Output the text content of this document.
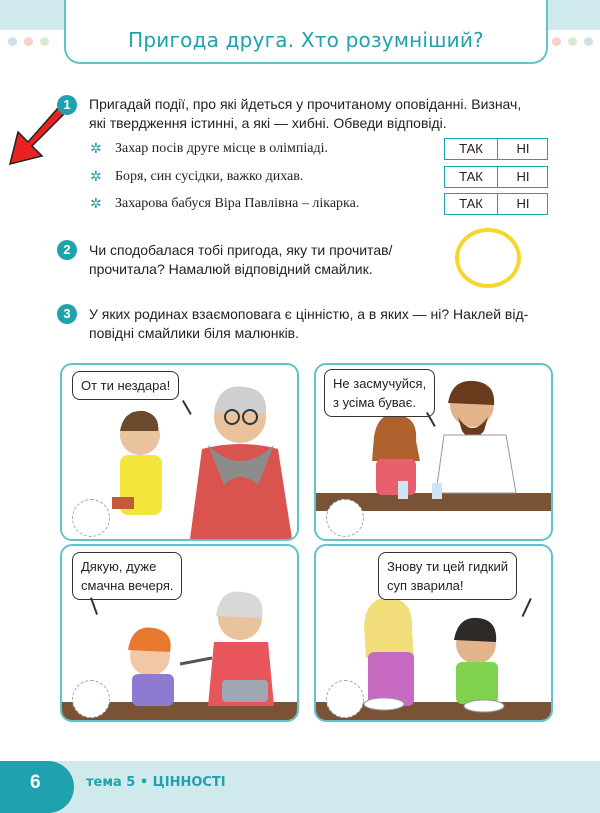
Пригода друга. Хто розумніший?
1	Пригадай події, про які йдеться у прочитаному оповіданні. Визнач,
які твердження істинні, а які — хибні. Обведи відповіді.
✲ Захар посів друге місце в олімпіаді.	ТАК	НІ
✲ Боря, син сусідки, важко дихав.	ТАК	НІ
✲ Захарова бабуся Віра Павлівна – лікарка.	ТАК	НІ
2	Чи сподобалася тобі пригода, яку ти прочитав/
прочитала? Намалюй відповідний смайлик.
3	У яких родинах взаємоповага є цінністю, а в яких — ні? Наклей від-
повідні смайлики біля малюнків.
От ти нездара!	Не засмучуйся,
з усіма буває.
Дякую, дуже
смачна вечеря.
Знову ти цей гидкий
суп зварила!
6	тема 5 • ЦІННОСТІ
